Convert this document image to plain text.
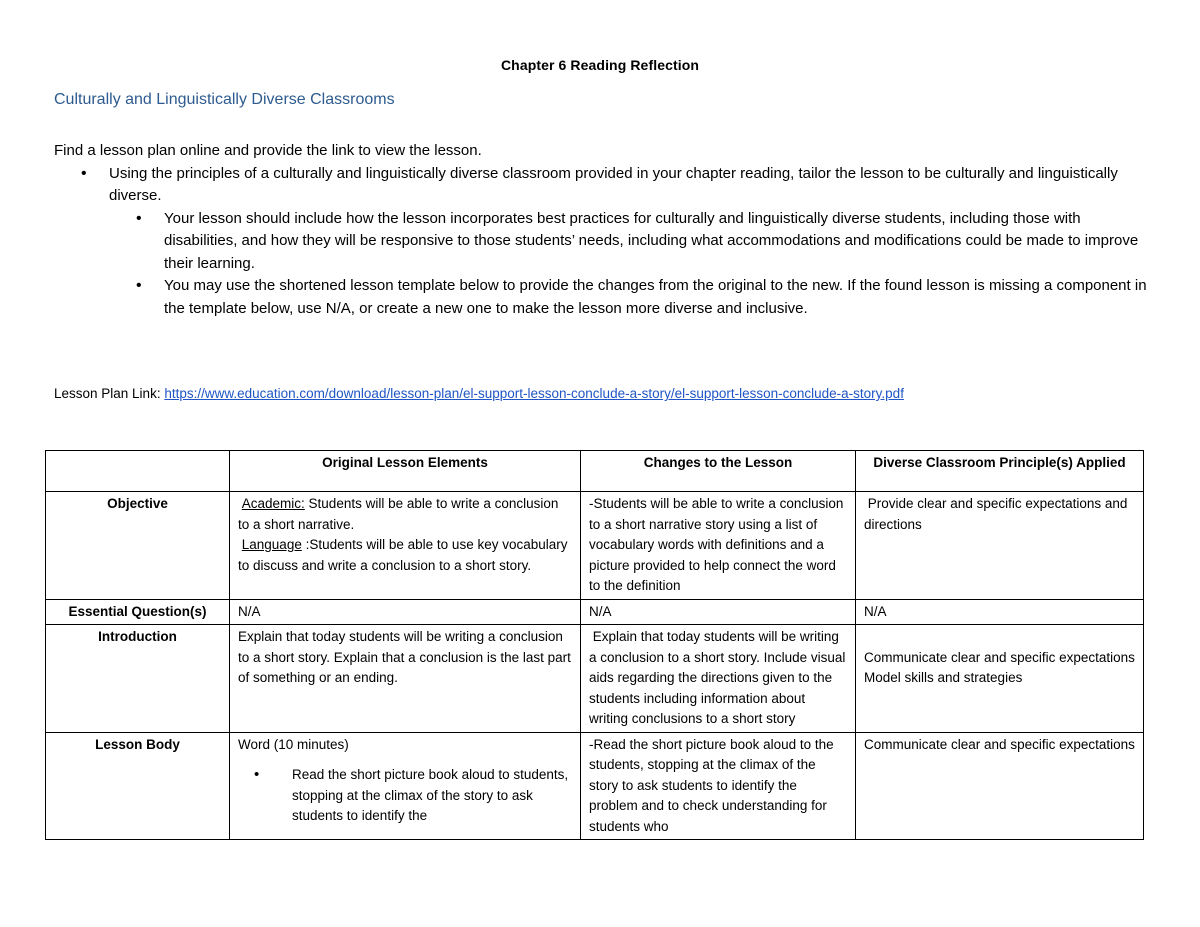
Chapter 6 Reading Reflection
Culturally and Linguistically Diverse Classrooms
Find a lesson plan online and provide the link to view the lesson.
• Using the principles of a culturally and linguistically diverse classroom provided in your chapter reading, tailor the lesson to be culturally and linguistically diverse.
• Your lesson should include how the lesson incorporates best practices for culturally and linguistically diverse students, including those with disabilities, and how they will be responsive to those students’ needs, including what accommodations and modifications could be made to improve their learning.
• You may use the shortened lesson template below to provide the changes from the original to the new. If the found lesson is missing a component in the template below, use N/A, or create a new one to make the lesson more diverse and inclusive.
Lesson Plan Link: https://www.education.com/download/lesson-plan/el-support-lesson-conclude-a-story/el-support-lesson-conclude-a-story.pdf
	Original Lesson Elements	Changes to the Lesson	Diverse Classroom Principle(s) Applied
Objective	Academic: Students will be able to write a conclusion to a short narrative.
Language :Students will be able to use key vocabulary to discuss and write a conclusion to a short story.	-Students will be able to write a conclusion to a short narrative story using a list of vocabulary words with definitions and a picture provided to help connect the word to the definition	Provide clear and specific expectations and directions
Essential Question(s)	N/A	N/A	N/A
Introduction	Explain that today students will be writing a conclusion to a short story. Explain that a conclusion is the last part of something or an ending.	Explain that today students will be writing a conclusion to a short story. Include visual aids regarding the directions given to the students including information about writing conclusions to a short story	Communicate clear and specific expectations
Model skills and strategies

Lesson Body	Word (10 minutes)
• Read the short picture book aloud to students, stopping at the climax of the story to ask students to identify the	-Read the short picture book aloud to the students, stopping at the climax of the story to ask students to identify the problem and to check understanding for students who	Communicate clear and specific expectations
